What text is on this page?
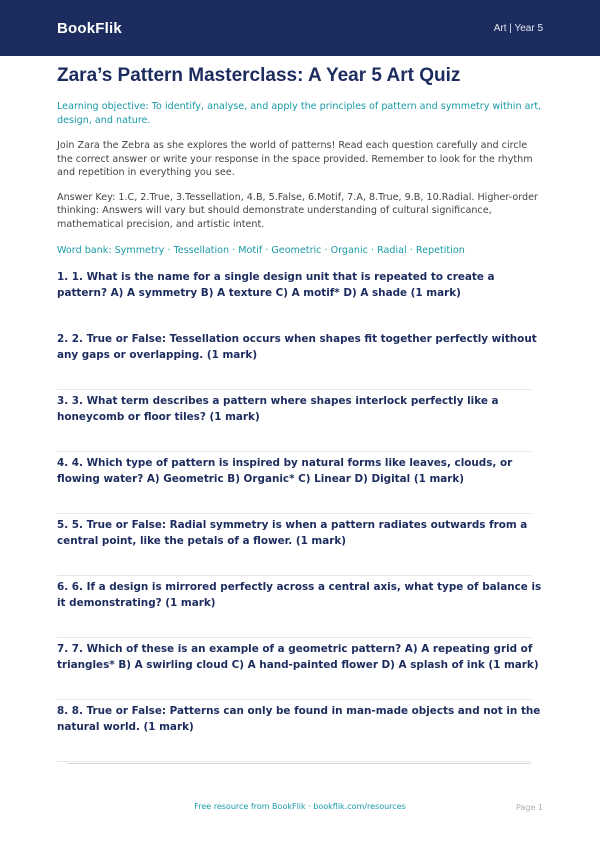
BookFlik	Art | Year 5
Zara’s Pattern Masterclass: A Year 5 Art Quiz

Learning objective: To identify, analyse, and apply the principles of pattern and symmetry within art, design, and nature.

Join Zara the Zebra as she explores the world of patterns! Read each question carefully and circle the correct answer or write your response in the space provided. Remember to look for the rhythm and repetition in everything you see.

Answer Key: 1.C, 2.True, 3.Tessellation, 4.B, 5.False, 6.Motif, 7.A, 8.True, 9.B, 10.Radial. Higher-order thinking: Answers will vary but should demonstrate understanding of cultural significance, mathematical precision, and artistic intent.

Word bank: Symmetry · Tessellation · Motif · Geometric · Organic · Radial · Repetition

1. 1. What is the name for a single design unit that is repeated to create a pattern? A) A symmetry B) A texture C) A motif* D) A shade (1 mark)
2. 2. True or False: Tessellation occurs when shapes fit together perfectly without any gaps or overlapping. (1 mark)
3. 3. What term describes a pattern where shapes interlock perfectly like a honeycomb or floor tiles? (1 mark)
4. 4. Which type of pattern is inspired by natural forms like leaves, clouds, or flowing water? A) Geometric B) Organic* C) Linear D) Digital (1 mark)
5. 5. True or False: Radial symmetry is when a pattern radiates outwards from a central point, like the petals of a flower. (1 mark)
6. 6. If a design is mirrored perfectly across a central axis, what type of balance is it demonstrating? (1 mark)
7. 7. Which of these is an example of a geometric pattern? A) A repeating grid of triangles* B) A swirling cloud C) A hand-painted flower D) A splash of ink (1 mark)
8. 8. True or False: Patterns can only be found in man-made objects and not in the natural world. (1 mark)
Free resource from BookFlik · bookflik.com/resources	Page 1
